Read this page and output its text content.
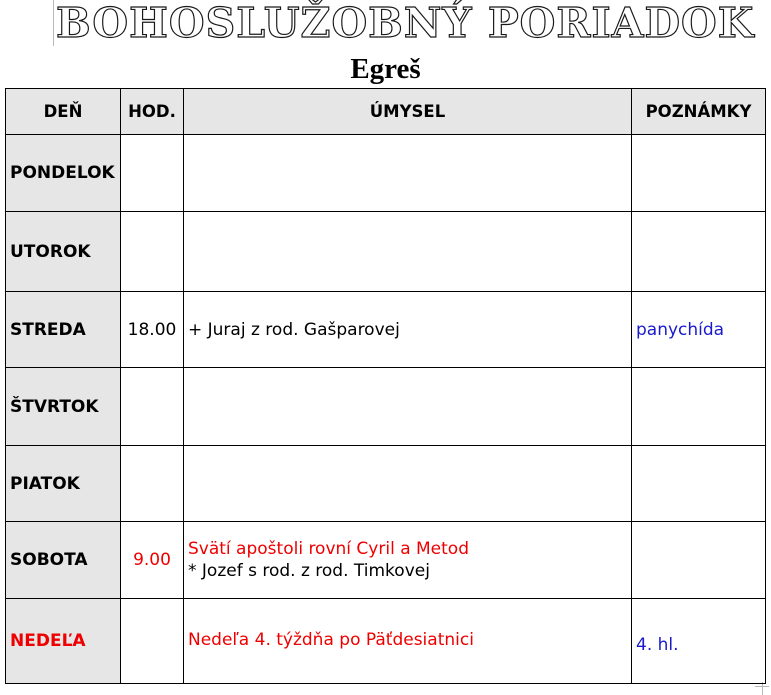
BOHOSLUŽOBNÝ PORIADOK
Egreš
DEŇ	HOD.	ÚMYSEL	POZNÁMKY
PONDELOK		

UTOROK		

STREDA	18.00	+ Juraj z rod. Gašparovej	panychída
ŠTVRTOK		

PIATOK		

SOBOTA	9.00	Svätí apoštoli rovní Cyril a Metod
* Jozef s rod. z rod. Timkovej	

NEDEĽA		Nedeľa 4. týždňa po Päťdesiatnici	4. hl.
